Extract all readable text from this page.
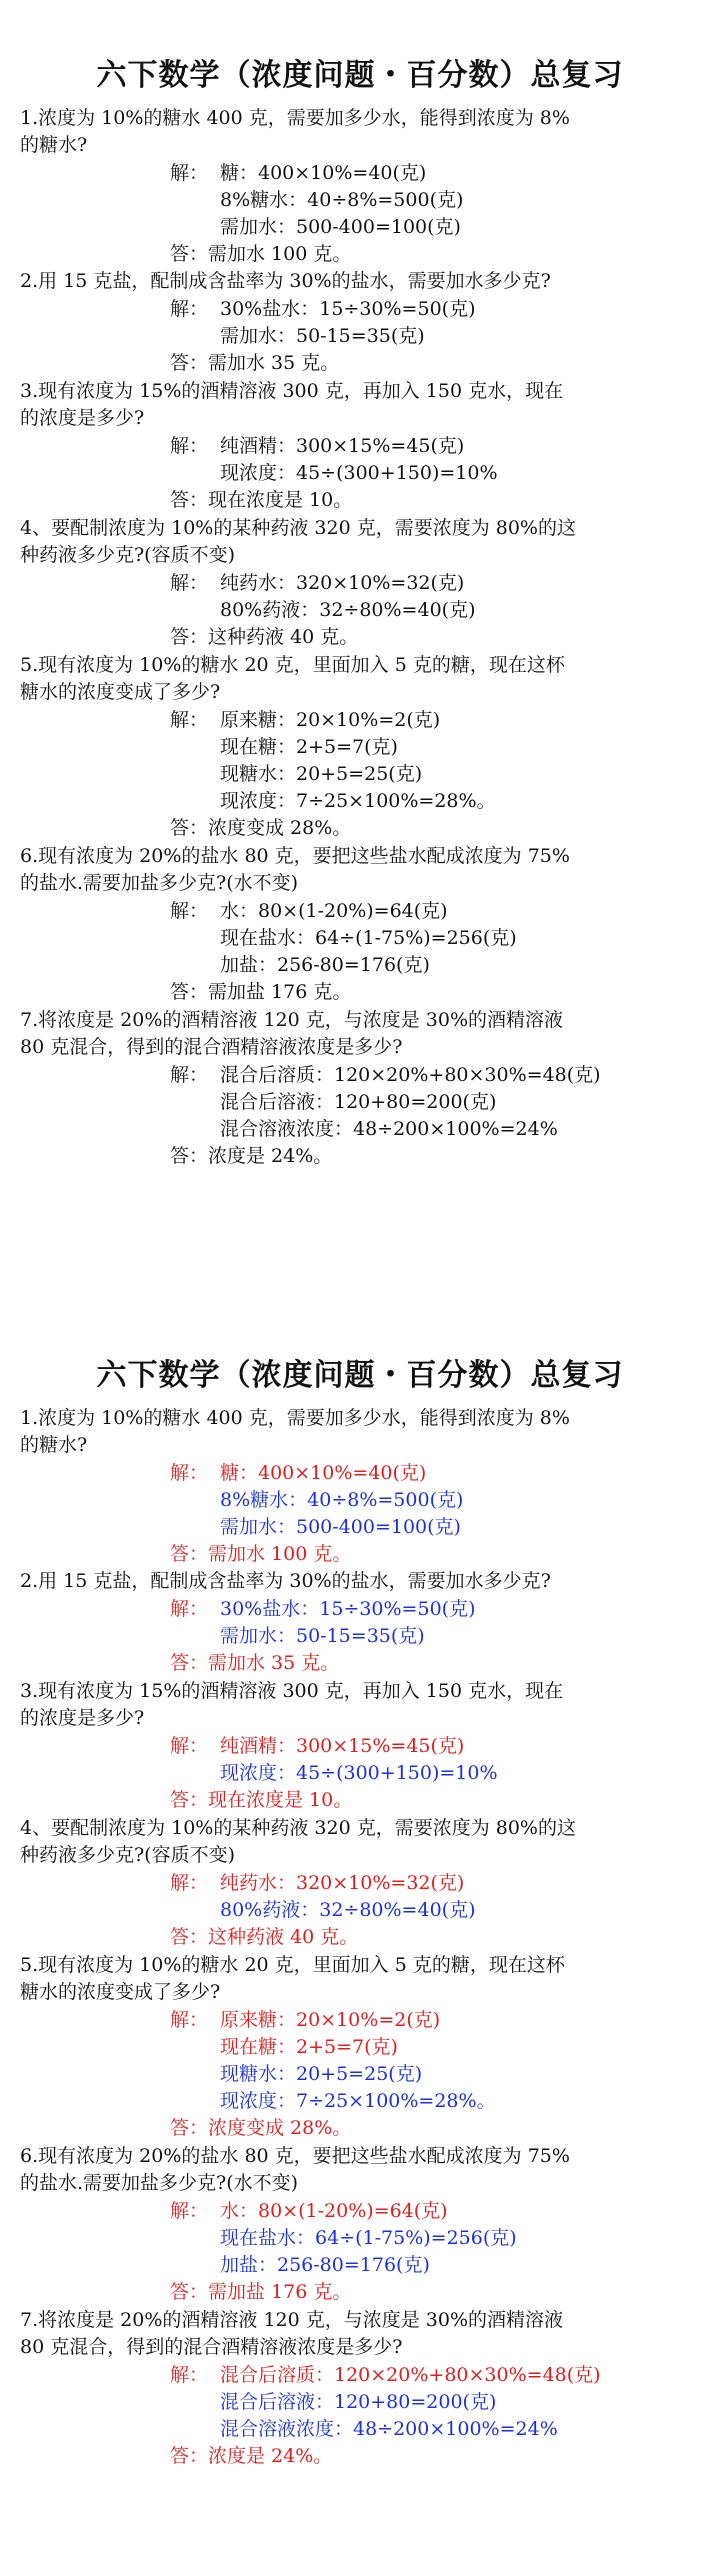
六下数学（浓度问题・百分数）总复习
1.浓度为 10%的糖水 400 克，需要加多少水，能得到浓度为 8%
的糖水?
解： 糖：400×10%=40(克)
8%糖水：40÷8%=500(克)
需加水：500-400=100(克)
答：需加水 100 克。
2.用 15 克盐，配制成含盐率为 30%的盐水，需要加水多少克?
解： 30%盐水：15÷30%=50(克)
需加水：50-15=35(克)
答：需加水 35 克。
3.现有浓度为 15%的酒精溶液 300 克，再加入 150 克水，现在
的浓度是多少?
解： 纯酒精：300×15%=45(克)
现浓度：45÷(300+150)=10%
答：现在浓度是 10。
4、要配制浓度为 10%的某种药液 320 克，需要浓度为 80%的这
种药液多少克?(容质不变)
解： 纯药水：320×10%=32(克)
80%药液：32÷80%=40(克)
答：这种药液 40 克。
5.现有浓度为 10%的糖水 20 克，里面加入 5 克的糖，现在这杯
糖水的浓度变成了多少?
解： 原来糖：20×10%=2(克)
现在糖：2+5=7(克)
现糖水：20+5=25(克)
现浓度：7÷25×100%=28%。
答：浓度变成 28%。
6.现有浓度为 20%的盐水 80 克，要把这些盐水配成浓度为 75%
的盐水.需要加盐多少克?(水不变)
解： 水：80×(1-20%)=64(克)
现在盐水：64÷(1-75%)=256(克)
加盐：256-80=176(克)
答：需加盐 176 克。
7.将浓度是 20%的酒精溶液 120 克，与浓度是 30%的酒精溶液
80 克混合，得到的混合酒精溶液浓度是多少?
解： 混合后溶质：120×20%+80×30%=48(克)
混合后溶液：120+80=200(克)
混合溶液浓度：48÷200×100%=24%
答：浓度是 24%。
六下数学（浓度问题・百分数）总复习
1.浓度为 10%的糖水 400 克，需要加多少水，能得到浓度为 8%
的糖水?
解： 糖：400×10%=40(克)
8%糖水：40÷8%=500(克)
需加水：500-400=100(克)
答：需加水 100 克。
2.用 15 克盐，配制成含盐率为 30%的盐水，需要加水多少克?
解： 30%盐水：15÷30%=50(克)
需加水：50-15=35(克)
答：需加水 35 克。
3.现有浓度为 15%的酒精溶液 300 克，再加入 150 克水，现在
的浓度是多少?
解： 纯酒精：300×15%=45(克)
现浓度：45÷(300+150)=10%
答：现在浓度是 10。
4、要配制浓度为 10%的某种药液 320 克，需要浓度为 80%的这
种药液多少克?(容质不变)
解： 纯药水：320×10%=32(克)
80%药液：32÷80%=40(克)
答：这种药液 40 克。
5.现有浓度为 10%的糖水 20 克，里面加入 5 克的糖，现在这杯
糖水的浓度变成了多少?
解： 原来糖：20×10%=2(克)
现在糖：2+5=7(克)
现糖水：20+5=25(克)
现浓度：7÷25×100%=28%。
答：浓度变成 28%。
6.现有浓度为 20%的盐水 80 克，要把这些盐水配成浓度为 75%
的盐水.需要加盐多少克?(水不变)
解： 水：80×(1-20%)=64(克)
现在盐水：64÷(1-75%)=256(克)
加盐：256-80=176(克)
答：需加盐 176 克。
7.将浓度是 20%的酒精溶液 120 克，与浓度是 30%的酒精溶液
80 克混合，得到的混合酒精溶液浓度是多少?
解： 混合后溶质：120×20%+80×30%=48(克)
混合后溶液：120+80=200(克)
混合溶液浓度：48÷200×100%=24%
答：浓度是 24%。
